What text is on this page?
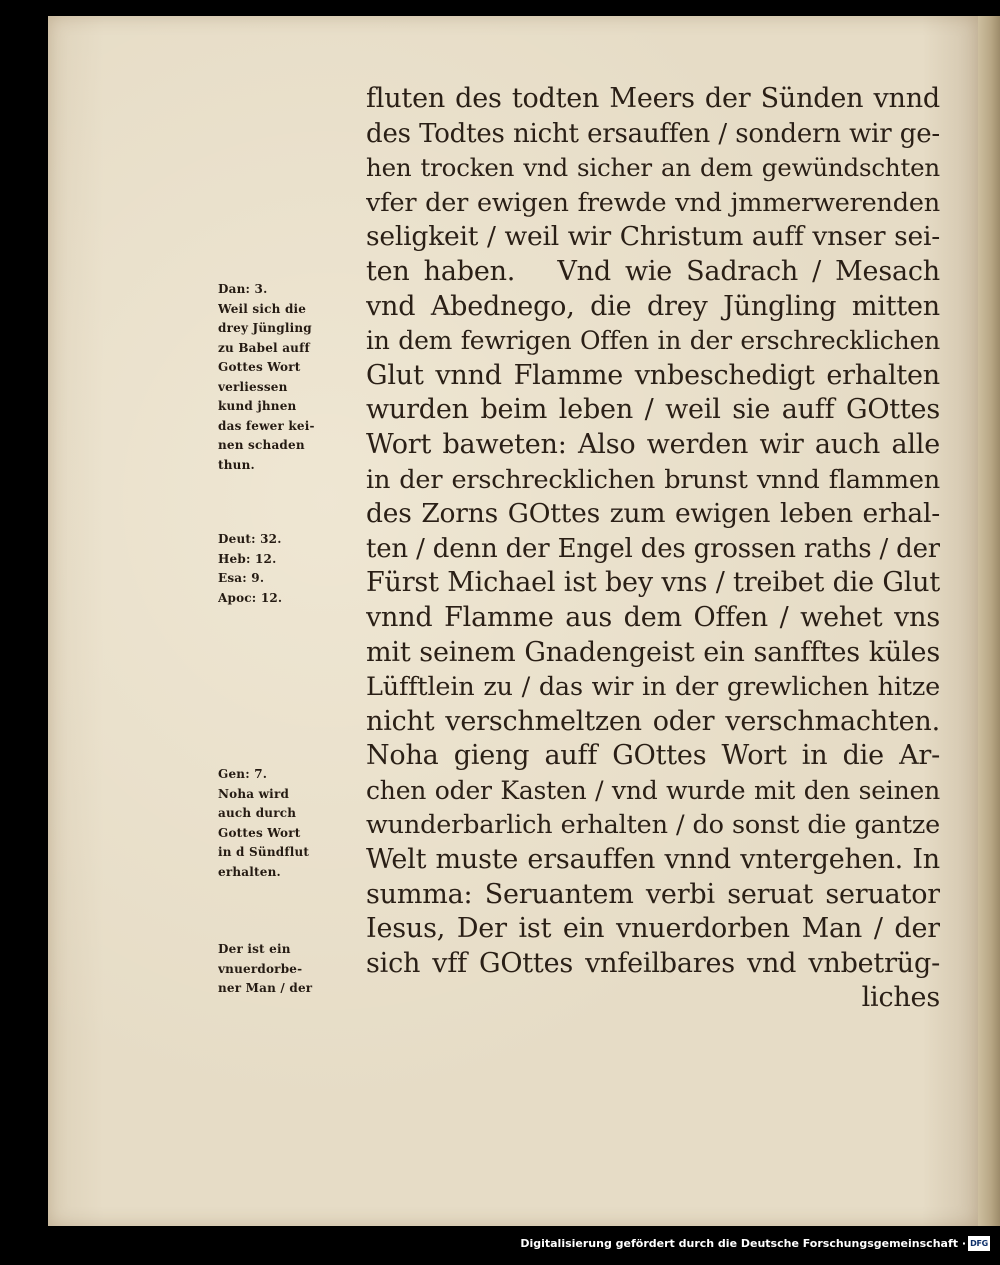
fluten des todten Meers der Sünden vnnd
des Todtes nicht ersauffen / sondern wir ge-
hen trocken vnd sicher an dem gewündschten
vfer der ewigen frewde vnd jmmerwerenden
seligkeit / weil wir Christum auff vnser sei-
ten haben.   Vnd wie Sadrach / Mesach
vnd Abednego, die drey Jüngling mitten
in dem fewrigen Offen in der erschrecklichen
Glut vnnd Flamme vnbeschedigt erhalten
wurden beim leben / weil sie auff GOttes
Wort baweten: Also werden wir auch alle
in der erschrecklichen brunst vnnd flammen
des Zorns GOttes zum ewigen leben erhal-
ten / denn der Engel des grossen raths / der
Fürst Michael ist bey vns / treibet die Glut
vnnd Flamme aus dem Offen / wehet vns
mit seinem Gnadengeist ein sanfftes küles
Lüfftlein zu / das wir in der grewlichen hitze
nicht verschmeltzen oder verschmachten.
Noha gieng auff GOttes Wort in die Ar-
chen oder Kasten / vnd wurde mit den seinen
wunderbarlich erhalten / do sonst die gantze
Welt muste ersauffen vnnd vntergehen. In
summa: Seruantem verbi seruat seruator
Iesus, Der ist ein vnuerdorben Man / der
sich vff GOttes vnfeilbares vnd vnbetrüg-
liches
Dan: 3.
Weil sich die
drey Jüngling
zu Babel auff
Gottes Wort
verliessen
kund jhnen
das fewer kei-
nen schaden
thun.
Deut: 32.
Heb: 12.
Esa: 9.
Apoc: 12.
Gen: 7.
Noha wird
auch durch
Gottes Wort
in d Sündflut
erhalten.
Der ist ein
vnuerdorbe-
ner Man / der
Digitalisierung gefördert durch die Deutsche Forschungsgemeinschaft · DFG
